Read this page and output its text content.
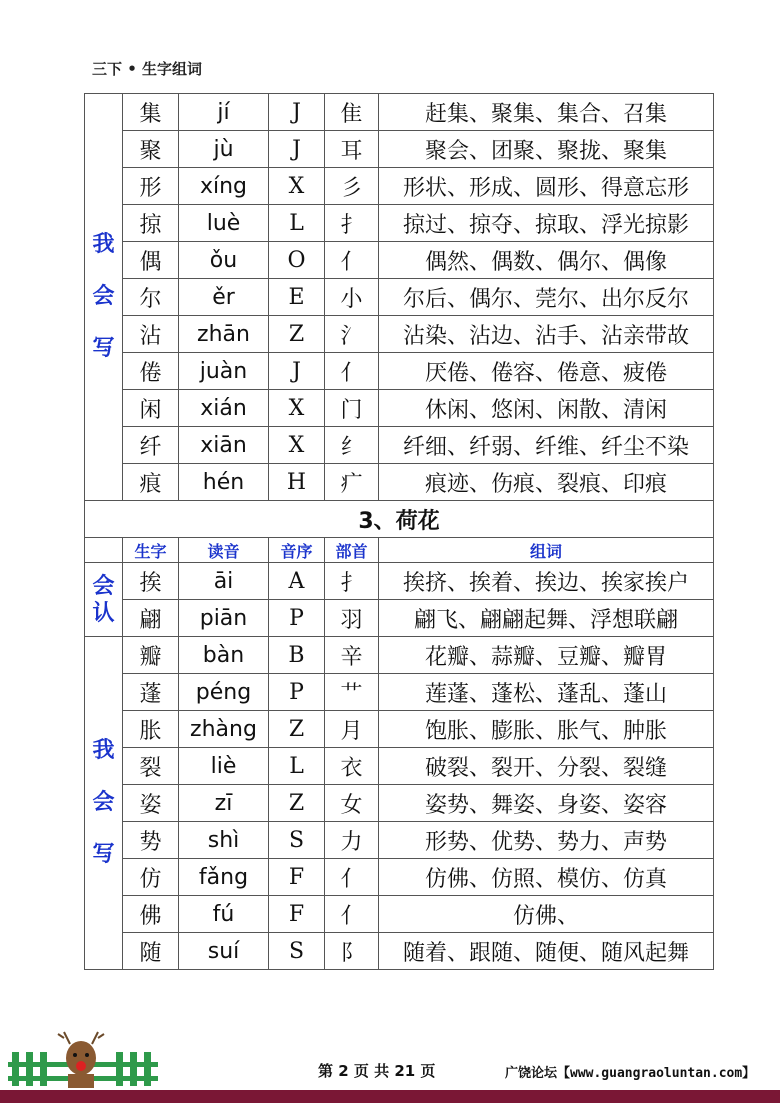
三下 • 生字组词
我
会
写	集	jí	J	隹	赶集、聚集、集合、召集
	聚	jù	J	耳	聚会、团聚、聚拢、聚集
	形	xíng	X	彡	形状、形成、圆形、得意忘形
	掠	luè	L	扌	掠过、掠夺、掠取、浮光掠影
	偶	ǒu	O	亻	偶然、偶数、偶尔、偶像
	尔	ěr	E	小	尔后、偶尔、莞尔、出尔反尔
	沾	zhān	Z	氵	沾染、沾边、沾手、沾亲带故
	倦	juàn	J	亻	厌倦、倦容、倦意、疲倦
	闲	xián	X	门	休闲、悠闲、闲散、清闲
	纤	xiān	X	纟	纤细、纤弱、纤维、纤尘不染
	痕	hén	H	疒	痕迹、伤痕、裂痕、印痕
3、荷花					
	生字	读音	音序	部首	组词

会
认	挨	āi	A	扌	挨挤、挨着、挨边、挨家挨户
	翩	piān	P	羽	翩飞、翩翩起舞、浮想联翩

我
会
写	瓣	bàn	B	辛	花瓣、蒜瓣、豆瓣、瓣胃
	蓬	péng	P	艹	莲蓬、蓬松、蓬乱、蓬山
	胀	zhàng	Z	月	饱胀、膨胀、胀气、肿胀
	裂	liè	L	衣	破裂、裂开、分裂、裂缝
	姿	zī	Z	女	姿势、舞姿、身姿、姿容
	势	shì	S	力	形势、优势、势力、声势
	仿	fǎng	F	亻	仿佛、仿照、模仿、仿真
	佛	fú	F	亻	仿佛、
	随	suí	S	阝	随着、跟随、随便、随风起舞
第 2 页 共 21 页	广饶论坛【www.guangraoluntan.com】
